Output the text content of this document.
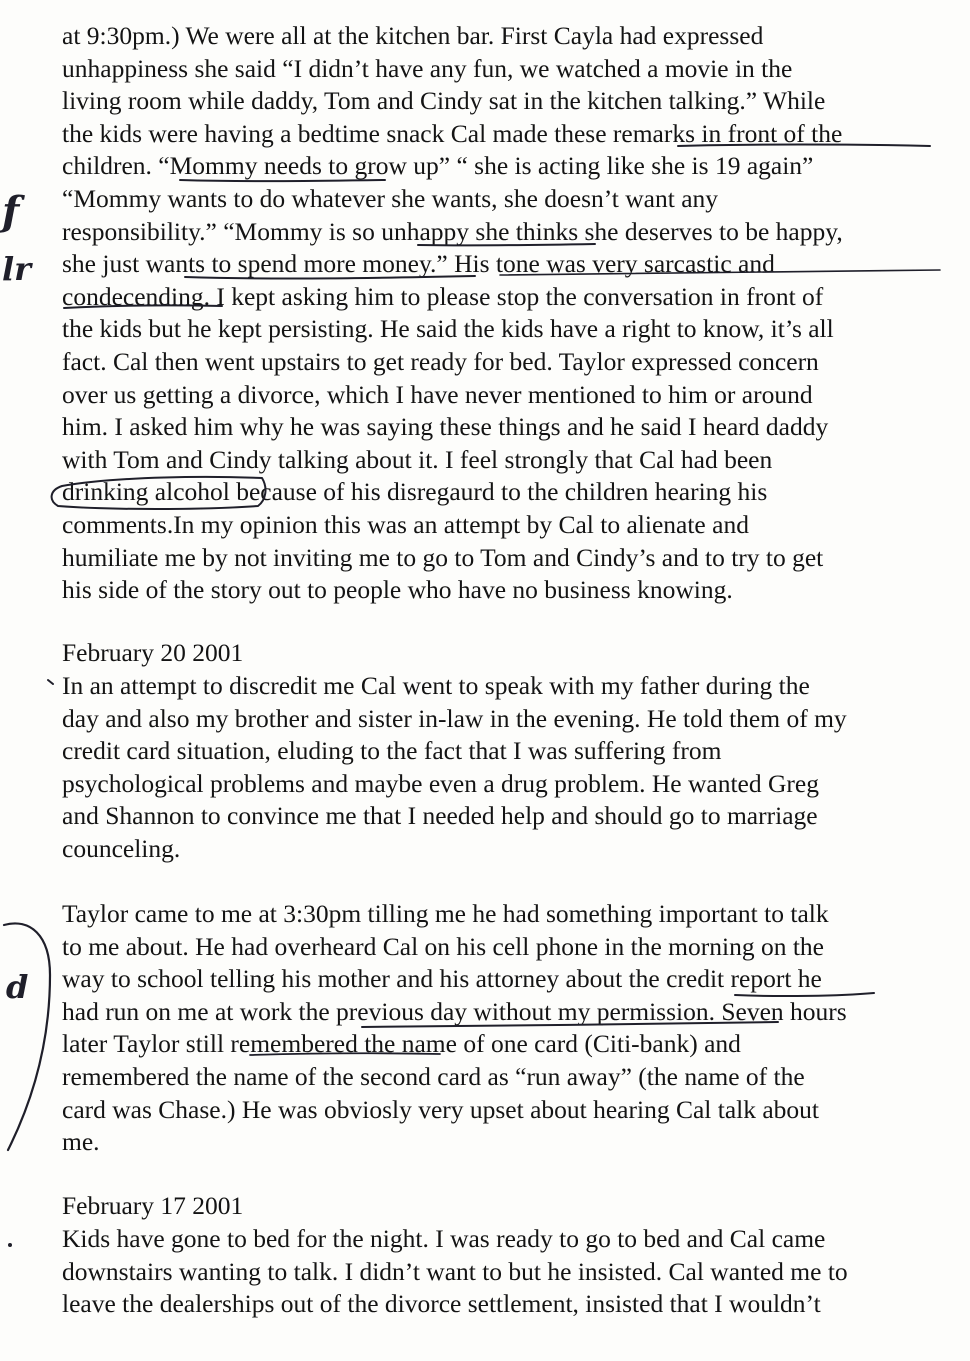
at 9:30pm.) We were all at the kitchen bar. First Cayla had expressed
unhappiness she said “I didn’t have any fun, we watched a movie in the
living room while daddy, Tom and Cindy sat in the kitchen talking.” While
the kids were having a bedtime snack Cal made these remarks in front of the
children. “Mommy needs to grow up” “ she is acting like she is 19 again”
“Mommy wants to do whatever she wants, she doesn’t want any
responsibility.” “Mommy is so unhappy she thinks she deserves to be happy,
she just wants to spend more money.” His tone was very sarcastic and
condecending. I kept asking him to please stop the conversation in front of
the kids but he kept persisting. He said the kids have a right to know, it’s all
fact. Cal then went upstairs to get ready for bed. Taylor expressed concern
over us getting a divorce, which I have never mentioned to him or around
him. I asked him why he was saying these things and he said I heard daddy
with Tom and Cindy talking about it. I feel strongly that Cal had been
drinking alcohol because of his disregaurd to the children hearing his
comments.In my opinion this was an attempt by Cal to alienate and
humiliate me by not inviting me to go to Tom and Cindy’s and to try to get
his side of the story out to people who have no business knowing.
February 20 2001
In an attempt to discredit me Cal went to speak with my father during the
day and also my brother and sister in-law in the evening. He told them of my
credit card situation, eluding to the fact that I was suffering from
psychological problems and maybe even a drug problem. He wanted Greg
and Shannon to convince me that I needed help and should go to marriage
counceling.
Taylor came to me at 3:30pm tilling me he had something important to talk
to me about. He had overheard Cal on his cell phone in the morning on the
way to school telling his mother and his attorney about the credit report he
had run on me at work the previous day without my permission. Seven hours
later Taylor still remembered the name of one card (Citi-bank) and
remembered the name of the second card as “run away” (the name of the
card was Chase.) He was obviosly very upset about hearing Cal talk about
me.
February 17 2001
Kids have gone to bed for the night. I was ready to go to bed and Cal came
downstairs wanting to talk. I didn’t want to but he insisted. Cal wanted me to
leave the dealerships out of the divorce settlement, insisted that I wouldn’t
f
lr
d
